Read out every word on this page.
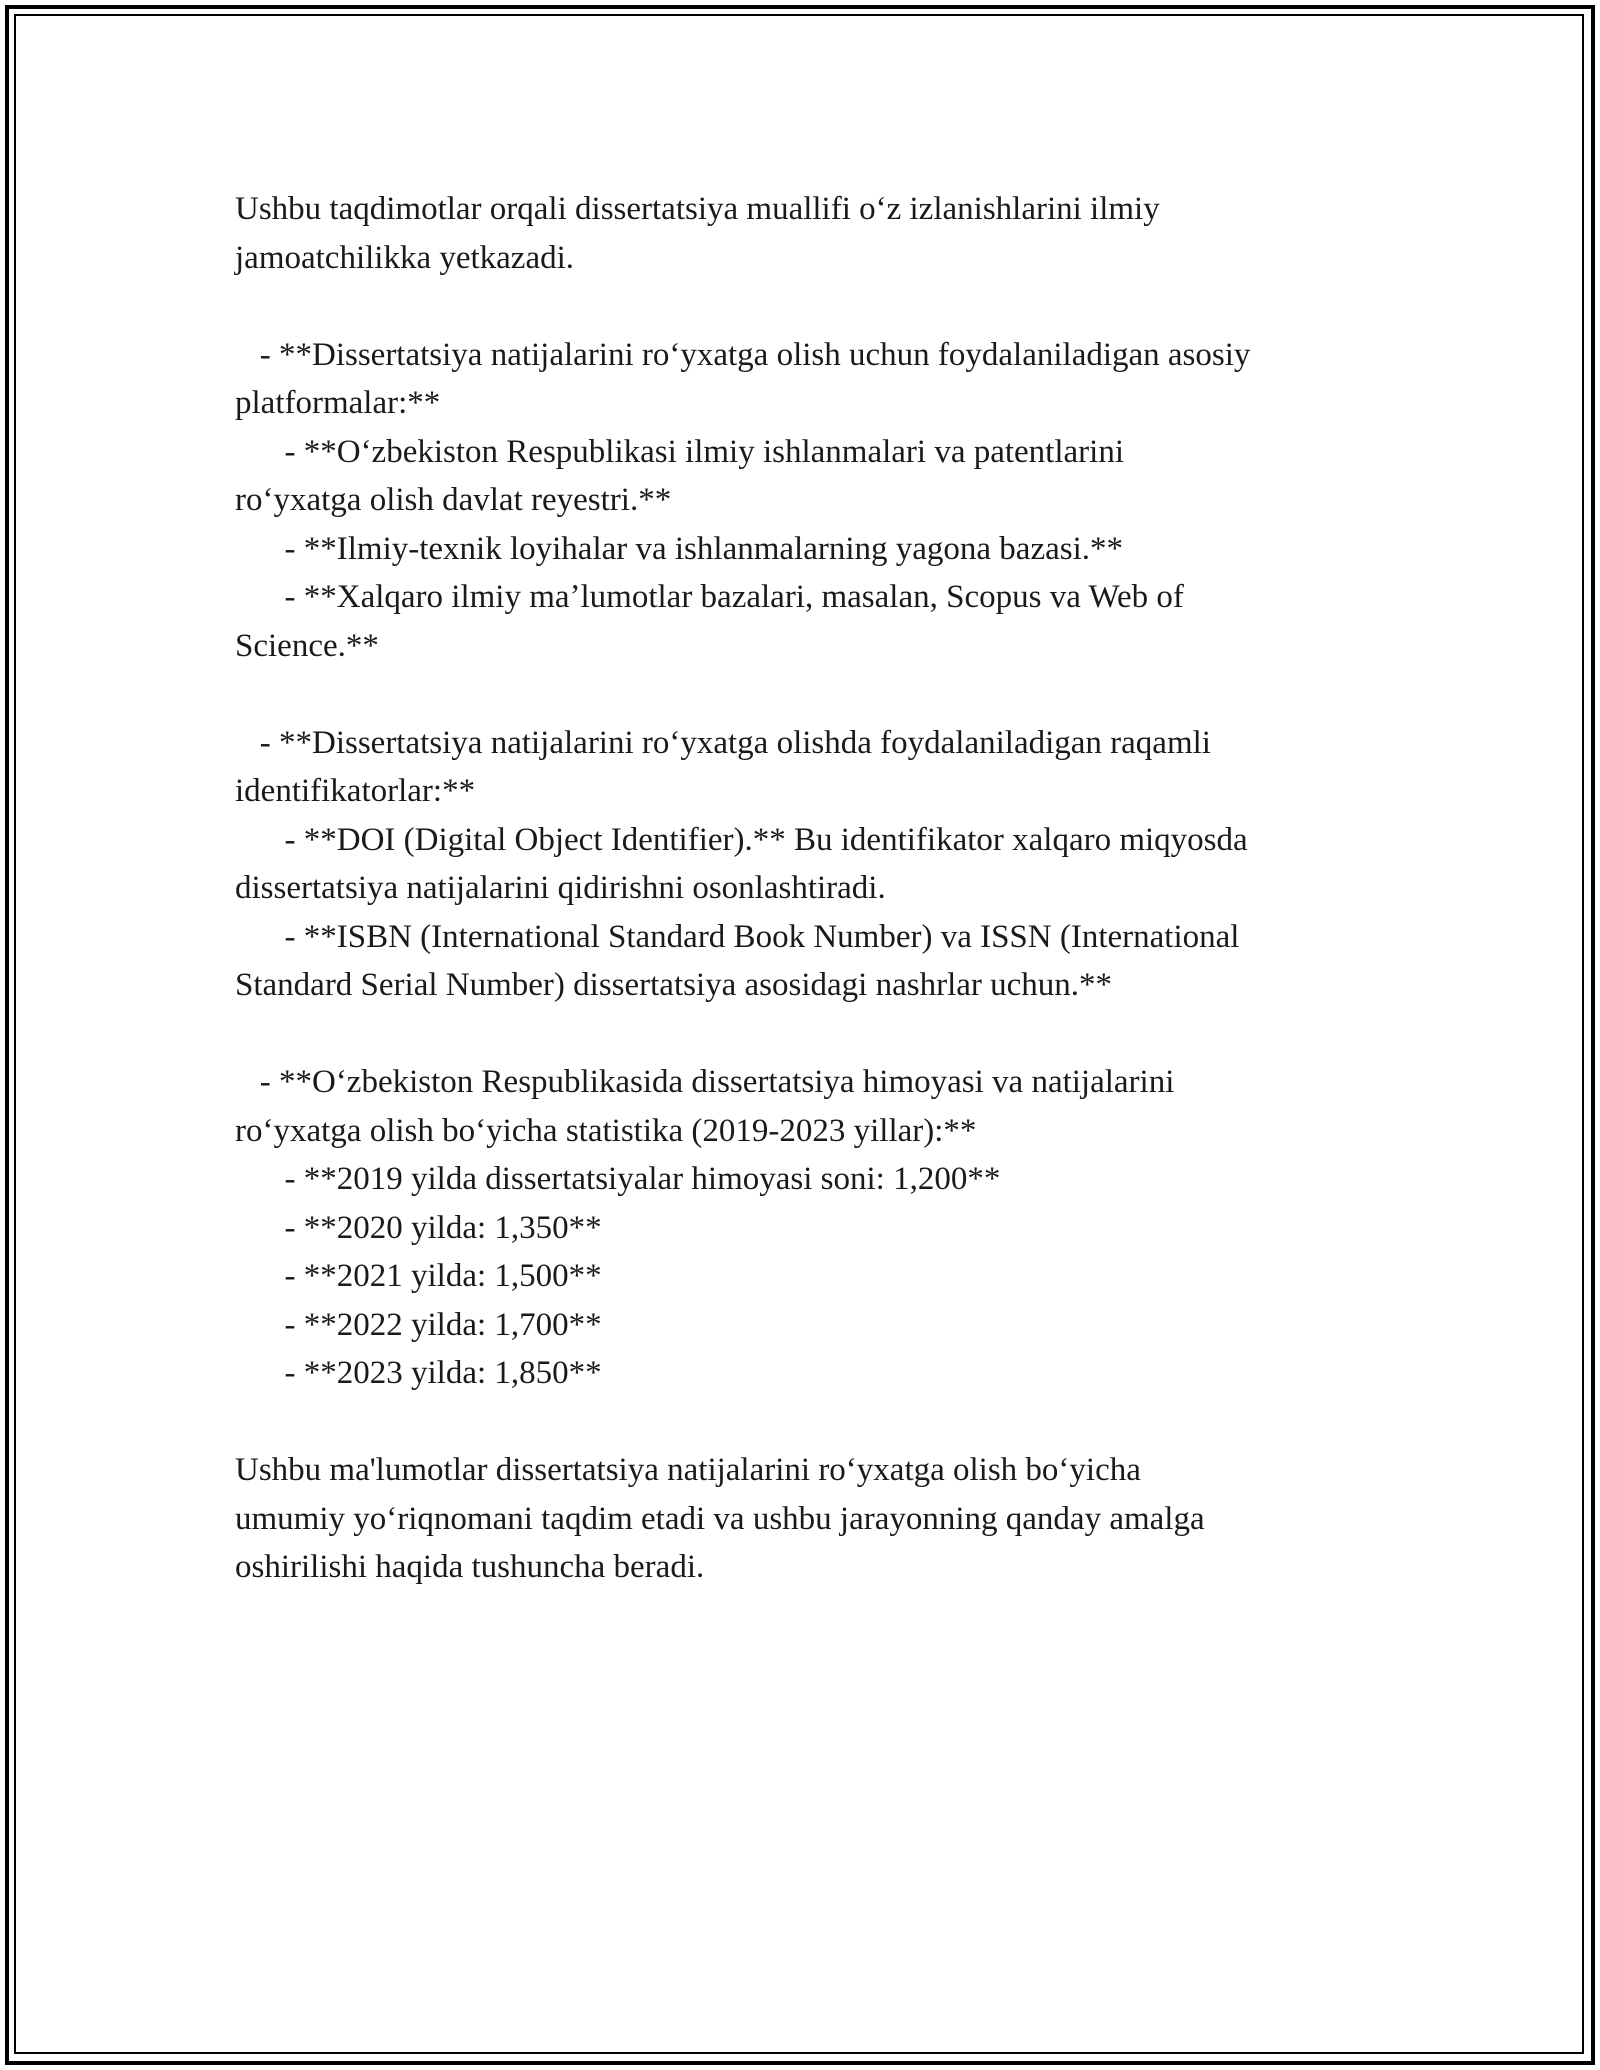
Ushbu taqdimotlar orqali dissertatsiya muallifi oʻz izlanishlarini ilmiy
jamoatchilikka yetkazadi.
- **Dissertatsiya natijalarini roʻyxatga olish uchun foydalaniladigan asosiy
platformalar:**
- **Oʻzbekiston Respublikasi ilmiy ishlanmalari va patentlarini
roʻyxatga olish davlat reyestri.**
- **Ilmiy-texnik loyihalar va ishlanmalarning yagona bazasi.**
- **Xalqaro ilmiy maʼlumotlar bazalari, masalan, Scopus va Web of
Science.**
- **Dissertatsiya natijalarini roʻyxatga olishda foydalaniladigan raqamli
identifikatorlar:**
- **DOI (Digital Object Identifier).** Bu identifikator xalqaro miqyosda
dissertatsiya natijalarini qidirishni osonlashtiradi.
- **ISBN (International Standard Book Number) va ISSN (International
Standard Serial Number) dissertatsiya asosidagi nashrlar uchun.**
- **Oʻzbekiston Respublikasida dissertatsiya himoyasi va natijalarini
roʻyxatga olish boʻyicha statistika (2019-2023 yillar):**
- **2019 yilda dissertatsiyalar himoyasi soni: 1,200**
- **2020 yilda: 1,350**
- **2021 yilda: 1,500**
- **2022 yilda: 1,700**
- **2023 yilda: 1,850**
Ushbu ma'lumotlar dissertatsiya natijalarini roʻyxatga olish boʻyicha
umumiy yoʻriqnomani taqdim etadi va ushbu jarayonning qanday amalga
oshirilishi haqida tushuncha beradi.
